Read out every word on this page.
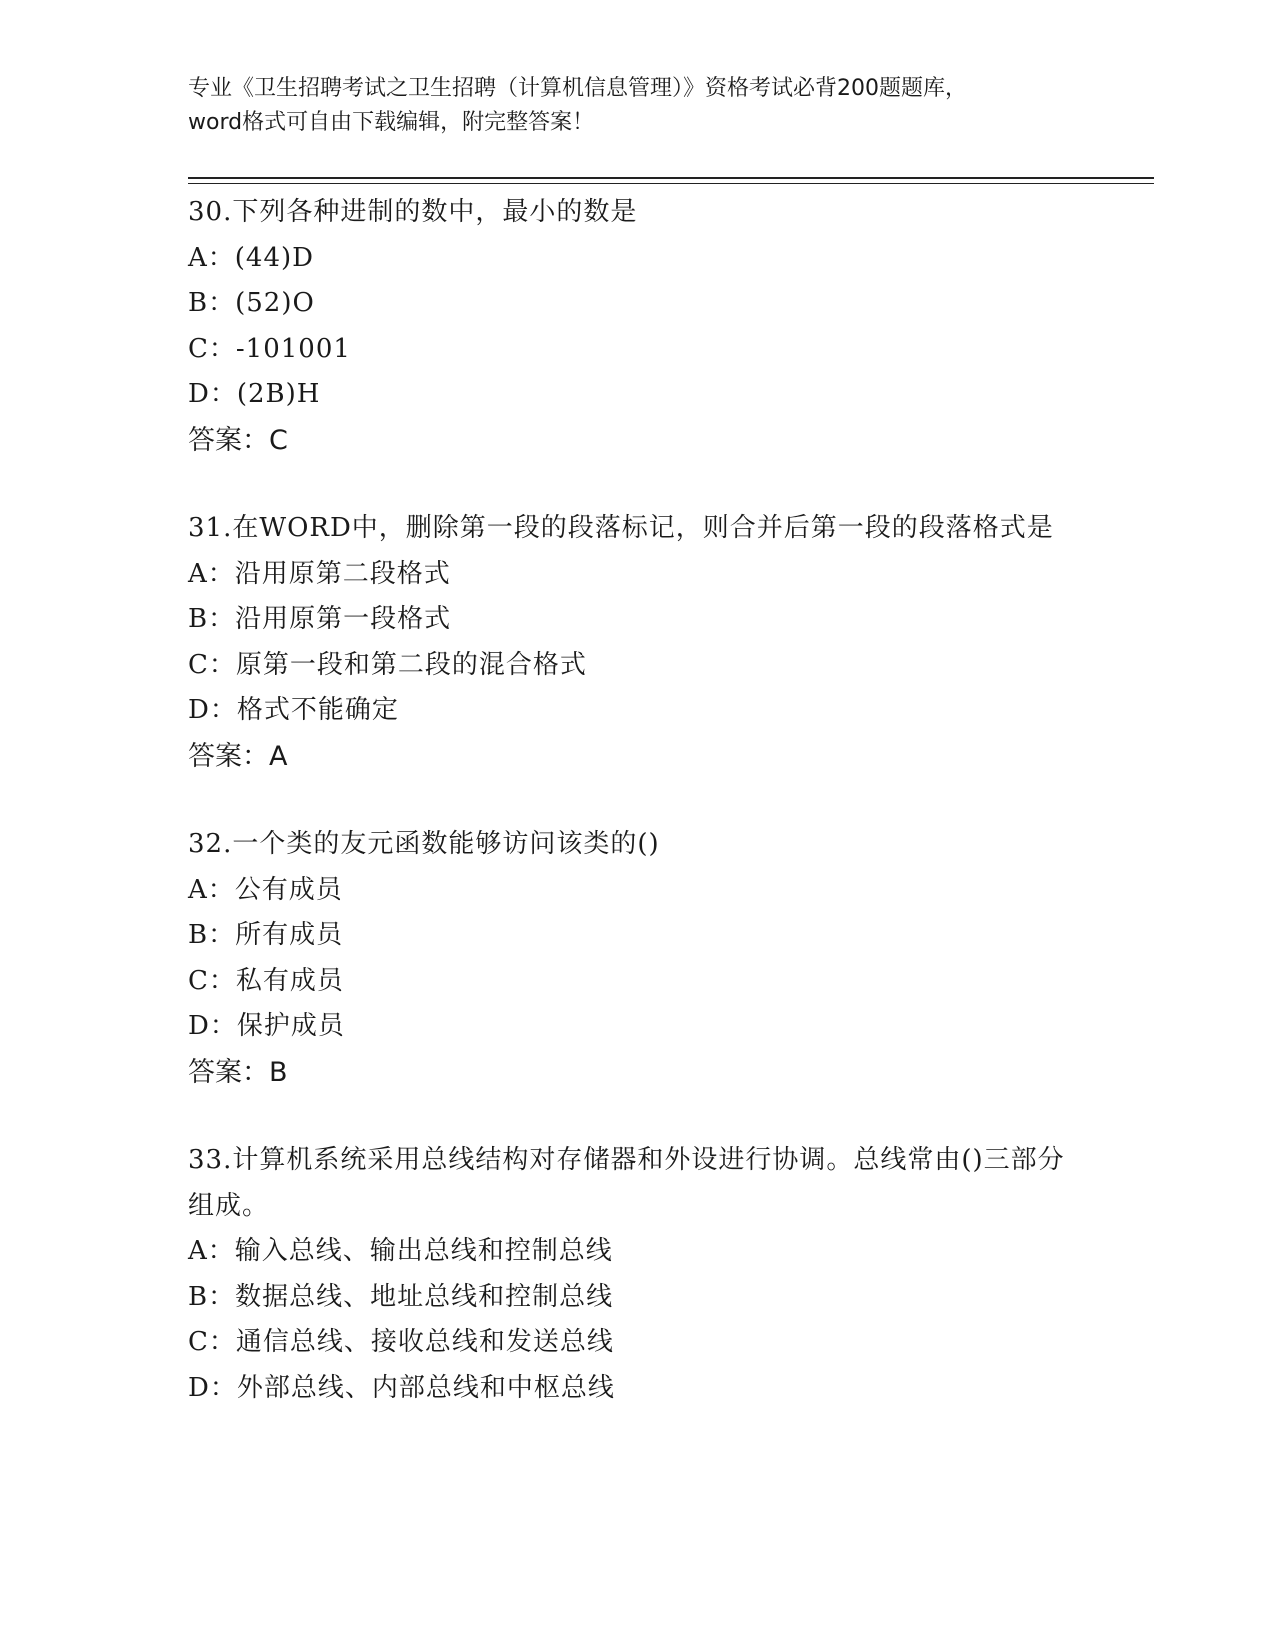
专业《卫生招聘考试之卫生招聘（计算机信息管理）》资格考试必背200题题库，
word格式可自由下载编辑，附完整答案！
30.下列各种进制的数中，最小的数是
A：(44)D
B：(52)O
C：-101001
D：(2B)H
答案：C
31.在WORD中，删除第一段的段落标记，则合并后第一段的段落格式是
A：沿用原第二段格式
B：沿用原第一段格式
C：原第一段和第二段的混合格式
D：格式不能确定
答案：A
32.一个类的友元函数能够访问该类的()
A：公有成员
B：所有成员
C：私有成员
D：保护成员
答案：B
33.计算机系统采用总线结构对存储器和外设进行协调。总线常由()三部分组成。
A：输入总线、输出总线和控制总线
B：数据总线、地址总线和控制总线
C：通信总线、接收总线和发送总线
D：外部总线、内部总线和中枢总线
